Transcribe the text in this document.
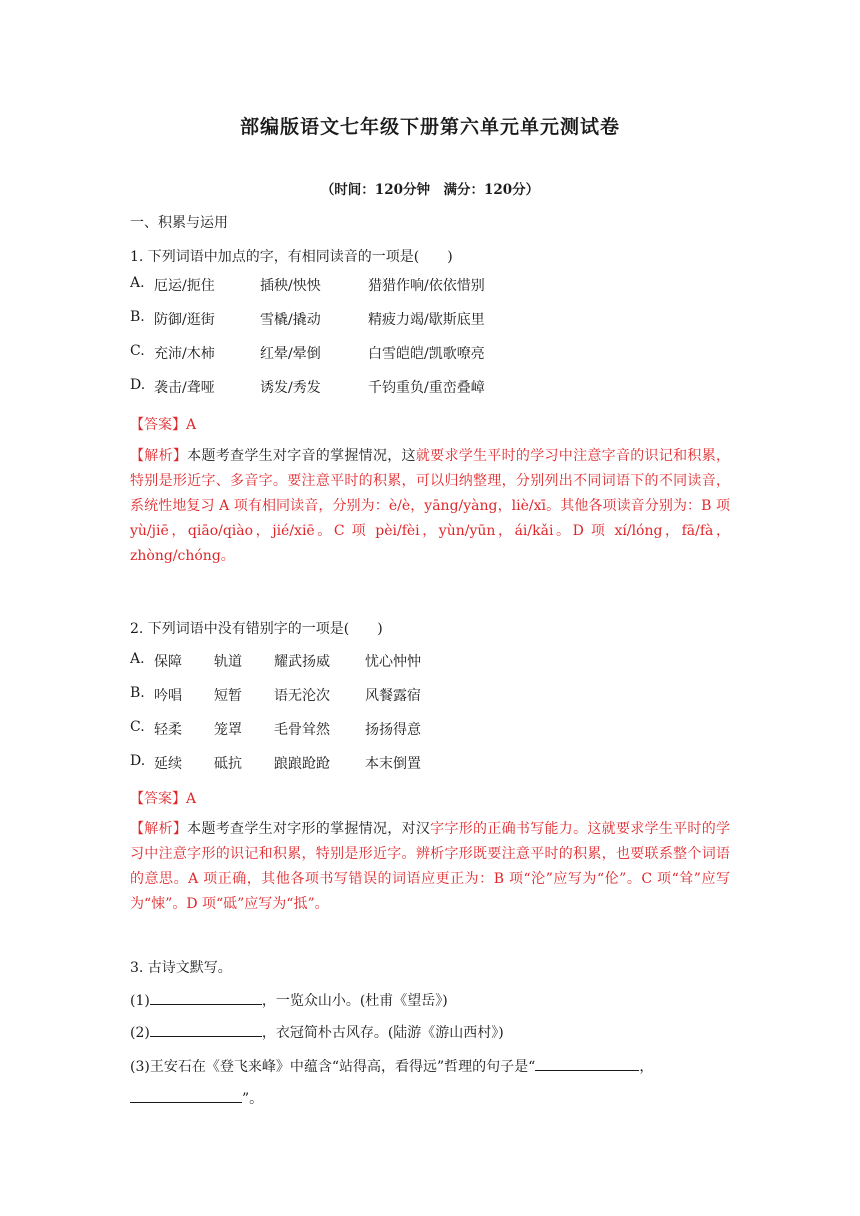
部编版语文七年级下册第六单元单元测试卷
（时间：120分钟　满分：120分）
一、积累与运用
1. 下列词语中加点的字，有相同读音的一项是(　　)
A. 厄运/扼住	插秧/怏怏	猎猎作响/依依惜别
B. 防御/逛街	雪橇/撬动	精疲力竭/歇斯底里
C. 充沛/木柿	红晕/晕倒	白雪皑皑/凯歌嘹亮
D. 袭击/聋哑	诱发/秀发	千钧重负/重峦叠嶂
【答案】A
【解析】本题考查学生对字音的掌握情况，这就要求学生平时的学习中注意字音的识记和积累，特别是形近字、多音字。要注意平时的积累，可以归纳整理，分别列出不同词语下的不同读音，系统性地复习 A 项有相同读音，分别为：è/è，yāng/yàng，liè/xī。其他各项读音分别为：B 项 yù/jiē，qiāo/qiào，jié/xiē。C 项 pèi/fèi，yùn/yūn，ái/kǎi。D 项 xí/lóng，fā/fà，zhòng/chóng。
2. 下列词语中没有错别字的一项是(　　)
A. 保障 轨道 耀武扬威	忧心忡忡
B. 吟唱 短暂 语无沦次	风餐露宿
C. 轻柔 笼罩 毛骨耸然	扬扬得意
D. 延续 砥抗 踉踉跄跄	本末倒置
【答案】A
【解析】本题考查学生对字形的掌握情况，对汉字字形的正确书写能力。这就要求学生平时的学习中注意字形的识记和积累，特别是形近字。辨析字形既要注意平时的积累，也要联系整个词语的意思。A 项正确，其他各项书写错误的词语应更正为：B 项“沦”应写为“伦”。C 项“耸”应写为“悚”。D 项“砥”应写为“抵”。
3. 古诗文默写。
(1)	，一览众山小。(杜甫《望岳》)
(2)	，衣冠简朴古风存。(陆游《游山西村》)
(3)王安石在《登飞来峰》中蕴含“站得高，看得远”哲理的句子是“	，
”。
